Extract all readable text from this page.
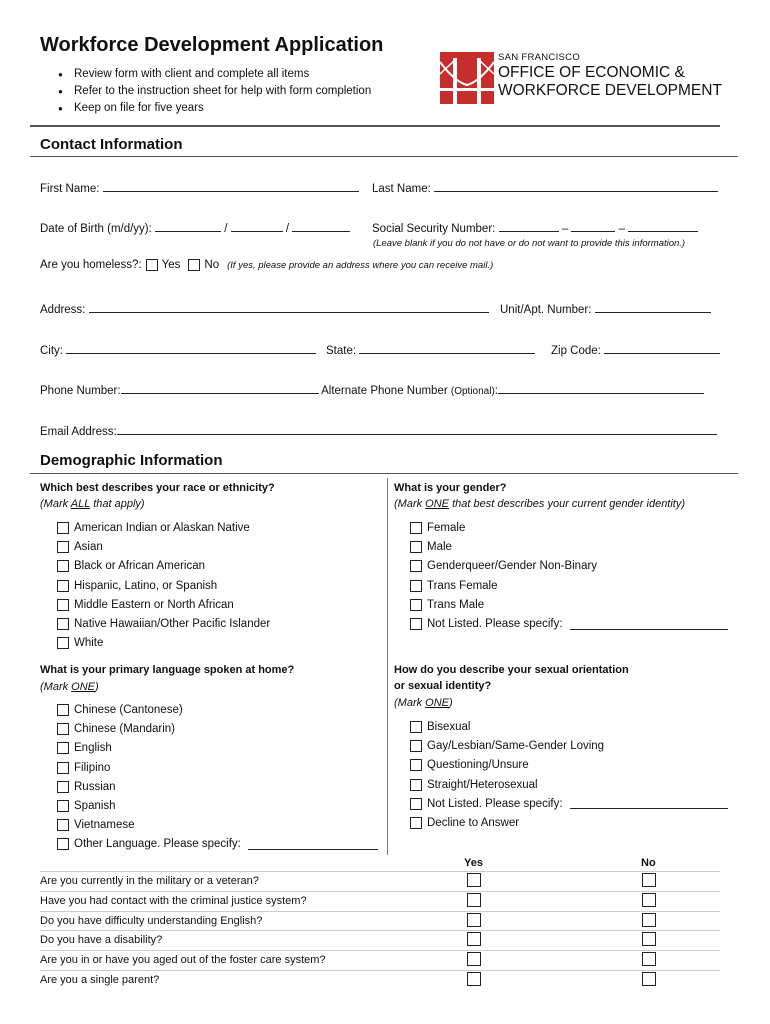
Workforce Development Application
● Review form with client and complete all items
● Refer to the instruction sheet for help with form completion
● Keep on file for five years
SAN FRANCISCO
OFFICE OF ECONOMIC &
WORKFORCE DEVELOPMENT
Contact Information
First Name:	Last Name:
Date of Birth (m/d/yy):	/	/	Social Security Number:	–	–
(Leave blank if you do not have or do not want to provide this information.)
Are you homeless?: Yes No (If yes, please provide an address where you can receive mail.)
Address:	Unit/Apt. Number:
City:	State:	Zip Code:
Phone Number:	Alternate Phone Number (Optional):
Email Address:
Demographic Information
Which best describes your race or ethnicity?
(Mark ALL that apply)
American Indian or Alaskan Native
Asian
Black or African American
Hispanic, Latino, or Spanish
Middle Eastern or North African
Native Hawaiian/Other Pacific Islander
White
What is your gender?
(Mark ONE that best describes your current gender identity)
Female
Male
Genderqueer/Gender Non-Binary
Trans Female
Trans Male
Not Listed. Please specify:
What is your primary language spoken at home?
(Mark ONE)
Chinese (Cantonese)
Chinese (Mandarin)
English
Filipino
Russian
Spanish
Vietnamese
Other Language. Please specify:
How do you describe your sexual orientation
or sexual identity?
(Mark ONE)
Bisexual
Gay/Lesbian/Same-Gender Loving
Questioning/Unsure
Straight/Heterosexual
Not Listed. Please specify:
Decline to Answer
Yes	No
Are you currently in the military or a veteran?
Have you had contact with the criminal justice system?
Do you have difficulty understanding English?
Do you have a disability?
Are you in or have you aged out of the foster care system?
Are you a single parent?
